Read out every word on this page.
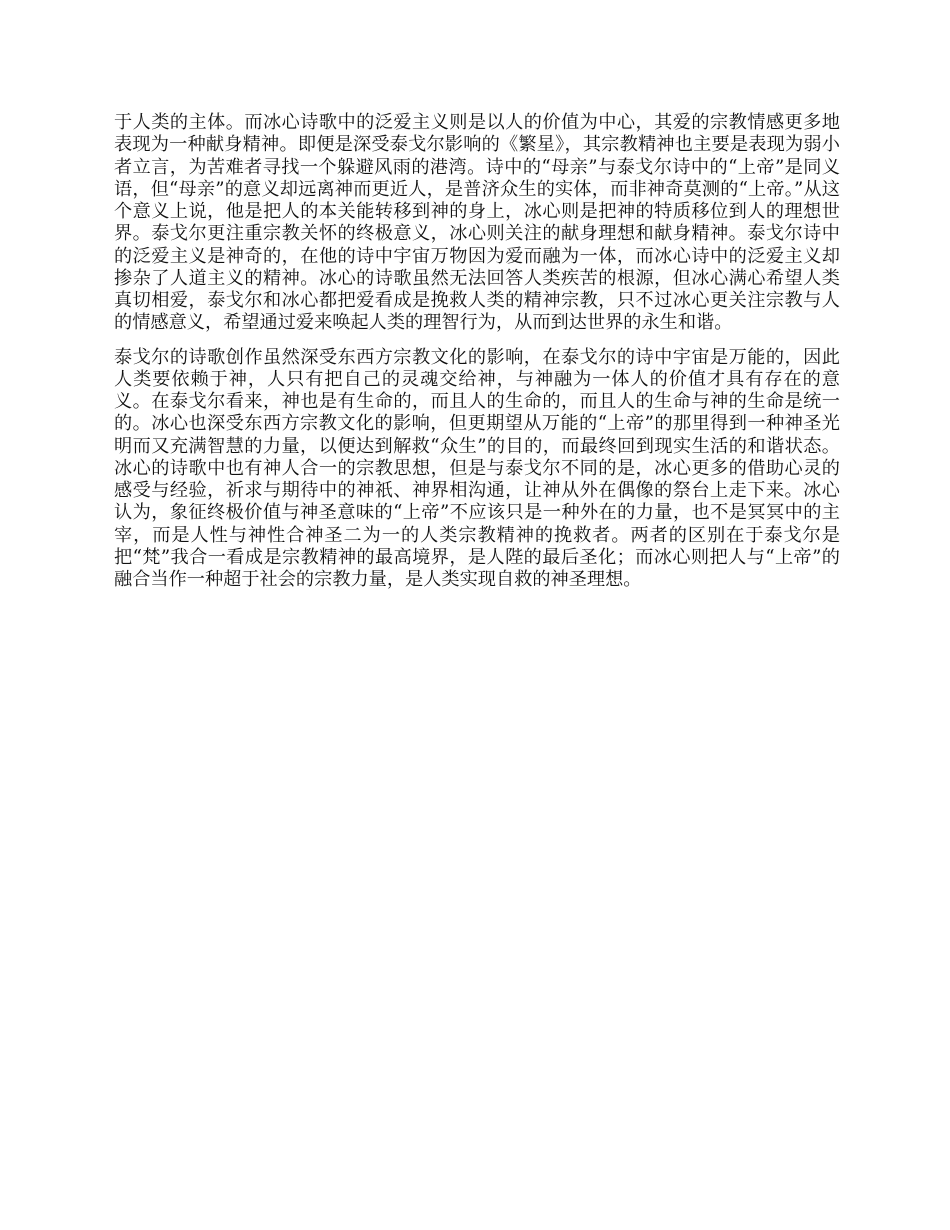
于人类的主体。而冰心诗歌中的泛爱主义则是以人的价值为中心，其爱的宗教情感更多地表现为一种献身精神。即便是深受泰戈尔影响的《繁星》，其宗教精神也主要是表现为弱小者立言，为苦难者寻找一个躲避风雨的港湾。诗中的“母亲”与泰戈尔诗中的“上帝”是同义语，但“母亲”的意义却远离神而更近人，是普济众生的实体，而非神奇莫测的“上帝。”从这个意义上说，他是把人的本关能转移到神的身上，冰心则是把神的特质移位到人的理想世界。泰戈尔更注重宗教关怀的终极意义，冰心则关注的献身理想和献身精神。泰戈尔诗中的泛爱主义是神奇的，在他的诗中宇宙万物因为爱而融为一体，而冰心诗中的泛爱主义却掺杂了人道主义的精神。冰心的诗歌虽然无法回答人类疾苦的根源，但冰心满心希望人类真切相爱，泰戈尔和冰心都把爱看成是挽救人类的精神宗教，只不过冰心更关注宗教与人的情感意义，希望通过爱来唤起人类的理智行为，从而到达世界的永生和谐。

泰戈尔的诗歌创作虽然深受东西方宗教文化的影响，在泰戈尔的诗中宇宙是万能的，因此人类要依赖于神，人只有把自己的灵魂交给神，与神融为一体人的价值才具有存在的意义。在泰戈尔看来，神也是有生命的，而且人的生命的，而且人的生命与神的生命是统一的。冰心也深受东西方宗教文化的影响，但更期望从万能的“上帝”的那里得到一种神圣光明而又充满智慧的力量，以便达到解救“众生”的目的，而最终回到现实生活的和谐状态。冰心的诗歌中也有神人合一的宗教思想，但是与泰戈尔不同的是，冰心更多的借助心灵的感受与经验，祈求与期待中的神祇、神界相沟通，让神从外在偶像的祭台上走下来。冰心认为，象征终极价值与神圣意味的“上帝”不应该只是一种外在的力量，也不是冥冥中的主宰，而是人性与神性合神圣二为一的人类宗教精神的挽救者。两者的区别在于泰戈尔是把“梵”我合一看成是宗教精神的最高境界，是人陛的最后圣化；而冰心则把人与“上帝”的融合当作一种超于社会的宗教力量，是人类实现自救的神圣理想。
